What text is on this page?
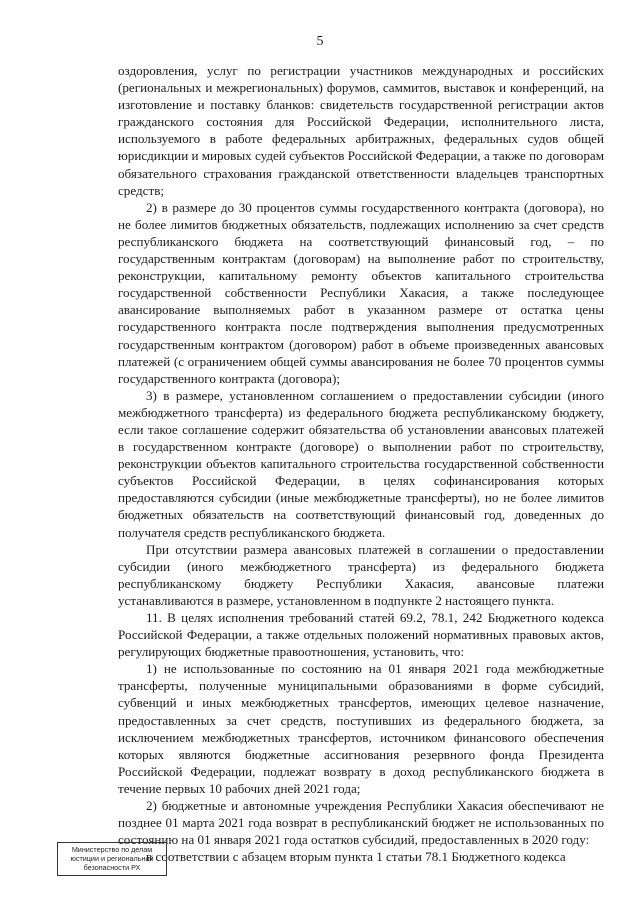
5

оздоровления, услуг по регистрации участников международных и российских (региональных и межрегиональных) форумов, саммитов, выставок и конференций, на изготовление и поставку бланков: свидетельств государственной регистрации актов гражданского состояния для Российской Федерации, исполнительного листа, используемого в работе федеральных арбитражных, федеральных судов общей юрисдикции и мировых судей субъектов Российской Федерации, а также по договорам обязательного страхования гражданской ответственности владельцев транспортных средств;

2) в размере до 30 процентов суммы государственного контракта (договора), но не более лимитов бюджетных обязательств, подлежащих исполнению за счет средств республиканского бюджета на соответствующий финансовый год, – по государственным контрактам (договорам) на выполнение работ по строительству, реконструкции, капитальному ремонту объектов капитального строительства государственной собственности Республики Хакасия, а также последующее авансирование выполняемых работ в указанном размере от остатка цены государственного контракта после подтверждения выполнения предусмотренных государственным контрактом (договором) работ в объеме произведенных авансовых платежей (с ограничением общей суммы авансирования не более 70 процентов суммы государственного контракта (договора);

3) в размере, установленном соглашением о предоставлении субсидии (иного межбюджетного трансферта) из федерального бюджета республиканскому бюджету, если такое соглашение содержит обязательства об установлении авансовых платежей в государственном контракте (договоре) о выполнении работ по строительству, реконструкции объектов капитального строительства государственной собственности субъектов Российской Федерации, в целях софинансирования которых предоставляются субсидии (иные межбюджетные трансферты), но не более лимитов бюджетных обязательств на соответствующий финансовый год, доведенных до получателя средств республиканского бюджета.

При отсутствии размера авансовых платежей в соглашении о предоставлении субсидии (иного межбюджетного трансферта) из федерального бюджета республиканскому бюджету Республики Хакасия, авансовые платежи устанавливаются в размере, установленном в подпункте 2 настоящего пункта.

11. В целях исполнения требований статей 69.2, 78.1, 242 Бюджетного кодекса Российской Федерации, а также отдельных положений нормативных правовых актов, регулирующих бюджетные правоотношения, установить, что:

1) не использованные по состоянию на 01 января 2021 года межбюджетные трансферты, полученные муниципальными образованиями в форме субсидий, субвенций и иных межбюджетных трансфертов, имеющих целевое назначение, предоставленных за счет средств, поступивших из федерального бюджета, за исключением межбюджетных трансфертов, источником финансового обеспечения которых являются бюджетные ассигнования резервного фонда Президента Российской Федерации, подлежат возврату в доход республиканского бюджета в течение первых 10 рабочих дней 2021 года;

2) бюджетные и автономные учреждения Республики Хакасия обеспечивают не позднее 01 марта 2021 года возврат в республиканский бюджет не использованных по состоянию на 01 января 2021 года остатков субсидий, предоставленных в 2020 году:

в соответствии с абзацем вторым пункта 1 статьи 78.1 Бюджетного кодекса

Министерство по делам
юстиции и региональной
безопасности РХ
